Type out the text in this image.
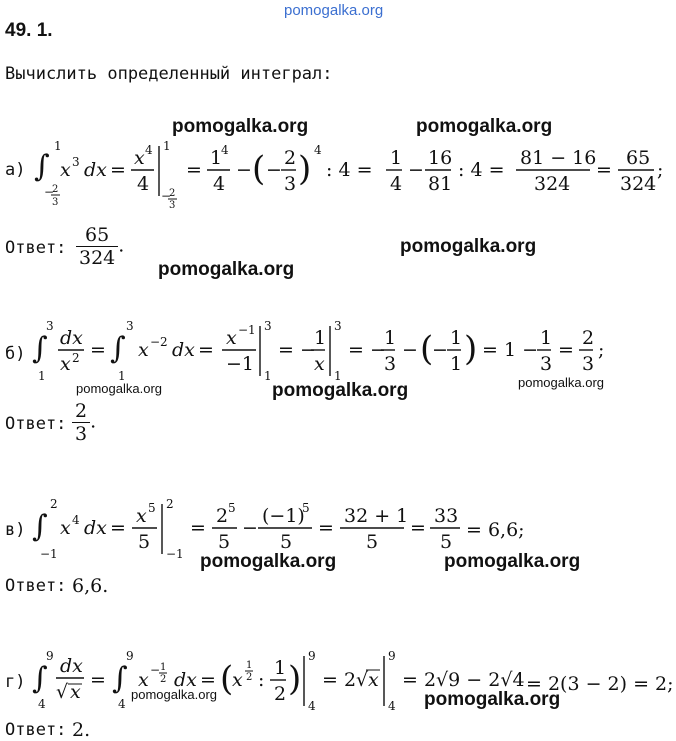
pomogalka.org
49. 1.
Вычислить определенный интеграл:
pomogalka.org	pomogalka.org
а) ∫
1
−
2
3
x 3 dx =
x 4
4
1
−
2
3
=
1
4
4
− ( −
2
3 ) 4
: 4 =
1
4
−
16
81
: 4 =
81 − 16
324
=
65
324
;
Ответ: $\frac{65}{324}$ .	pomogalka.org
pomogalka.org
б) ∫
3
1
dx
x 2 = ∫
3
1
x −2 dx =
x −1
−1
3
1
= −
1
x
3
1
= −
1
3
− (
−
1
1 ) = 1 −
1
3
=
2
3
;
pomogalka.org	pomogalka.org
pomogalka.org
Ответ: $\frac{2}{3}$ .
в) ∫
2
−1
x 4 dx =
x 5
5
2
−1
=
2 5
5
−
(−1)
5
5
=
32 + 1
5
=
33
5
= 6,6;
pomogalka.org	pomogalka.org
Ответ: 6,6.
г) ∫
9
4
dx
√ x
= ∫
9
4
x − 1
2 dx = (
x
1
2 :
1
2 )
9
4
= 2√ x
9
4
= 2√9 − 2√4 = 2(3 − 2) = 2;
pomogalka.org	pomogalka.org
Ответ: 2.
